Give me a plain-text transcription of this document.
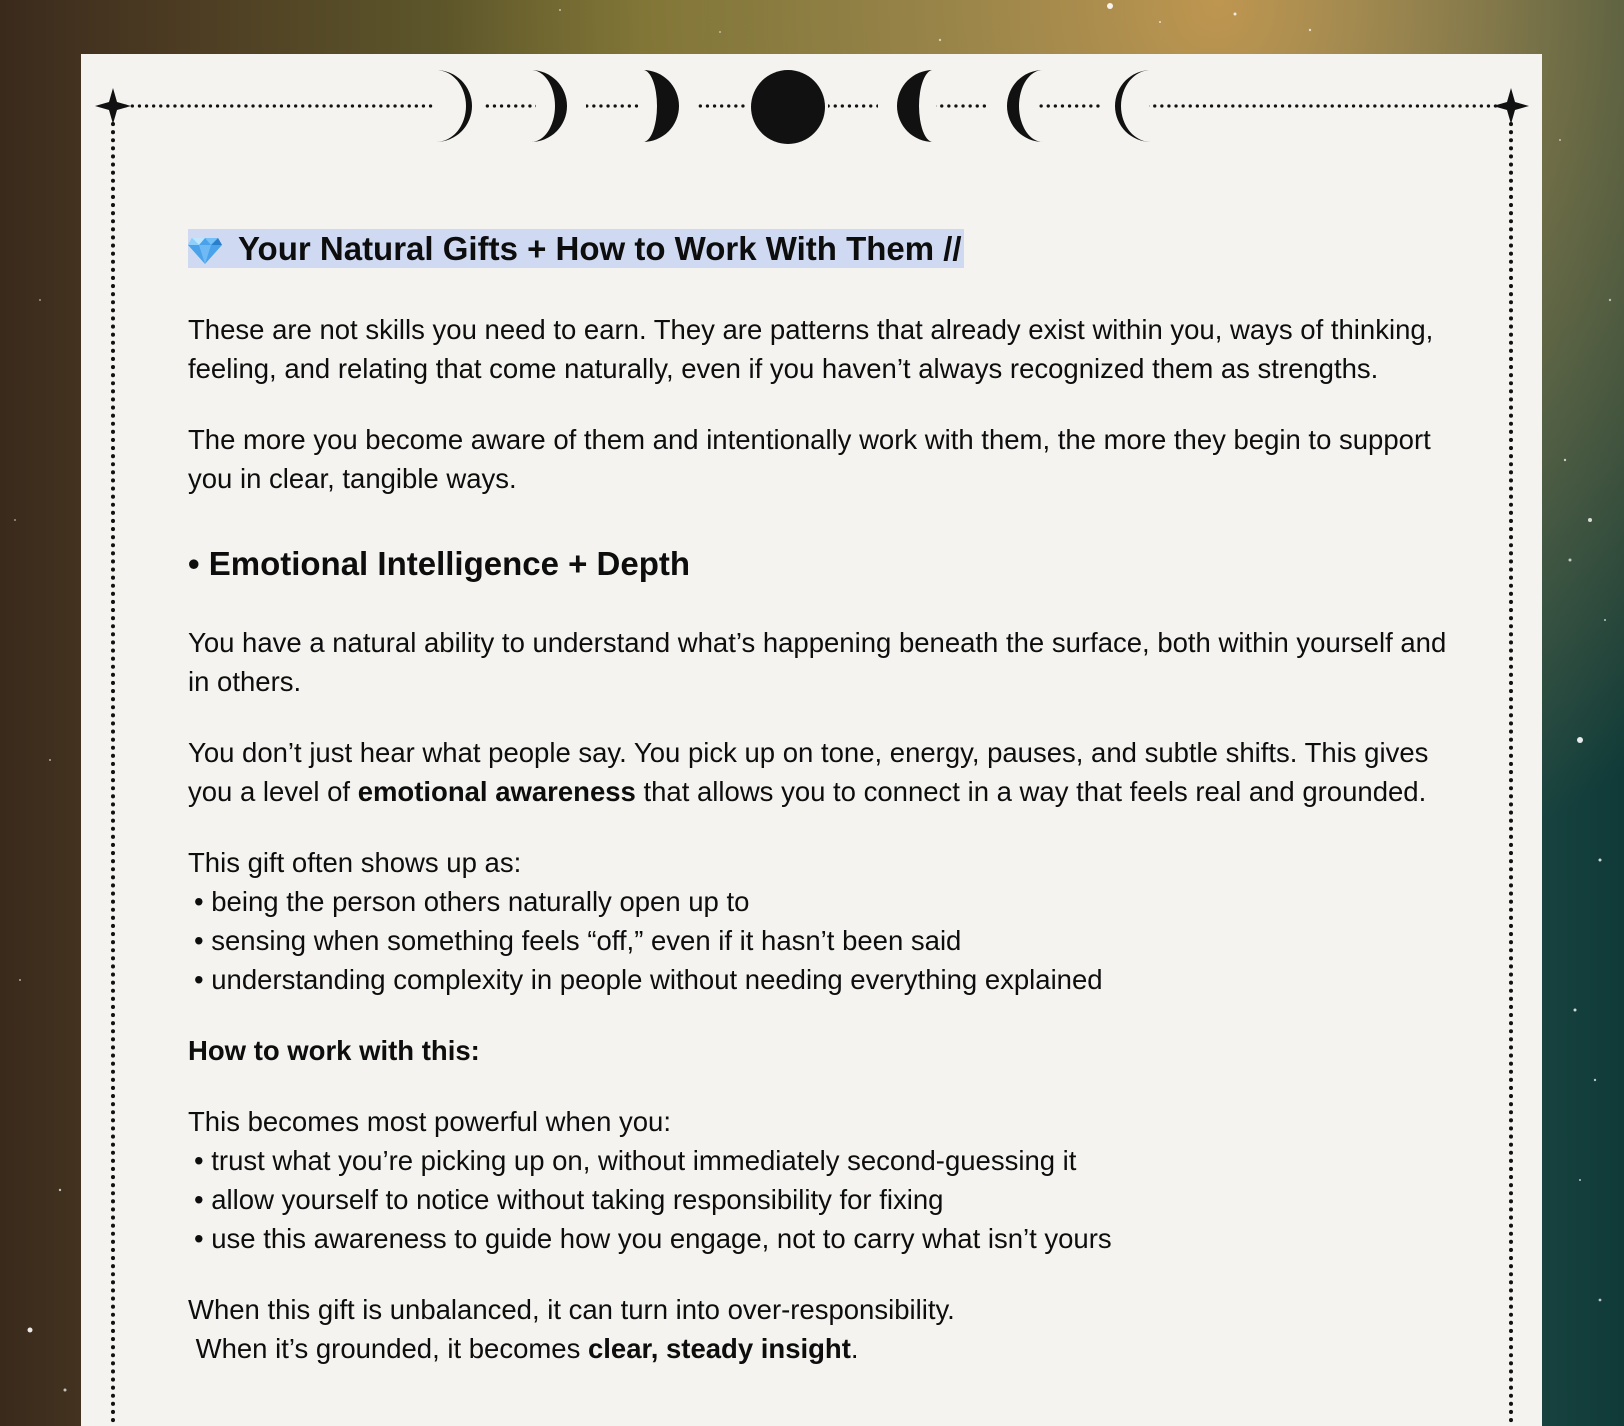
Your Natural Gifts + How to Work With Them //

These are not skills you need to earn. They are patterns that already exist within you, ways of thinking, feeling, and relating that come naturally, even if you haven’t always recognized them as strengths.

The more you become aware of them and intentionally work with them, the more they begin to support you in clear, tangible ways.

• Emotional Intelligence + Depth

You have a natural ability to understand what’s happening beneath the surface, both within yourself and in others.

You don’t just hear what people say. You pick up on tone, energy, pauses, and subtle shifts. This gives you a level of emotional awareness that allows you to connect in a way that feels real and grounded.

This gift often shows up as:
• being the person others naturally open up to
• sensing when something feels “off,” even if it hasn’t been said
• understanding complexity in people without needing everything explained

How to work with this:

This becomes most powerful when you:
• trust what you’re picking up on, without immediately second-guessing it
• allow yourself to notice without taking responsibility for fixing
• use this awareness to guide how you engage, not to carry what isn’t yours
When this gift is unbalanced, it can turn into over-responsibility.
When it’s grounded, it becomes clear, steady insight.
